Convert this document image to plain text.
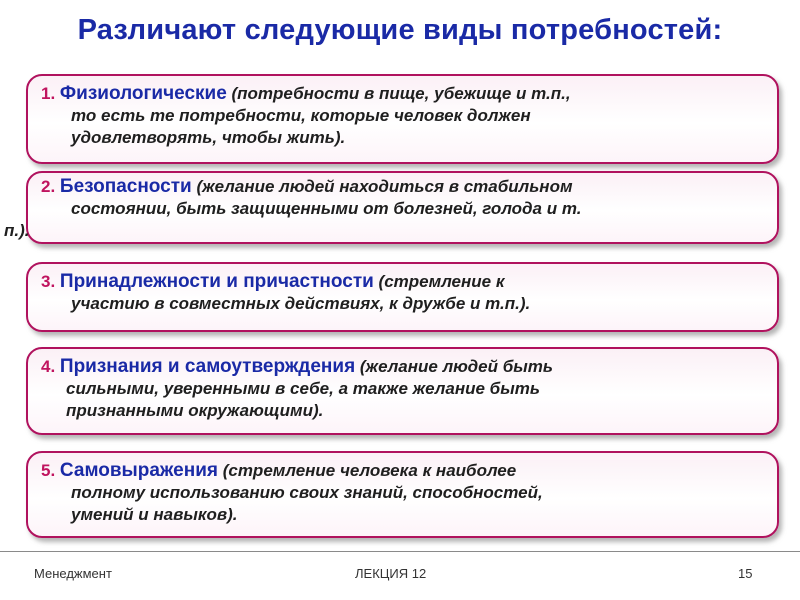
Различают следующие виды потребностей:

1. Физиологические (потребности в пище, убежище и т.п.,

то есть те потребности, которые человек должен

удовлетворять, чтобы жить).

2. Безопасности (желание людей находиться в стабильном

состоянии, быть защищенными от болезней, голода и т.

п.).

3. Принадлежности и причастности (стремление к

участию в совместных действиях, к дружбе и т.п.).

4. Признания и самоутверждения (желание людей быть

сильными, уверенными в себе, а также желание быть

признанными окружающими).

5. Самовыражения (стремление человека к наиболее

полному использованию своих знаний, способностей,

умений и навыков).

Менеджмент	ЛЕКЦИЯ 12	15
